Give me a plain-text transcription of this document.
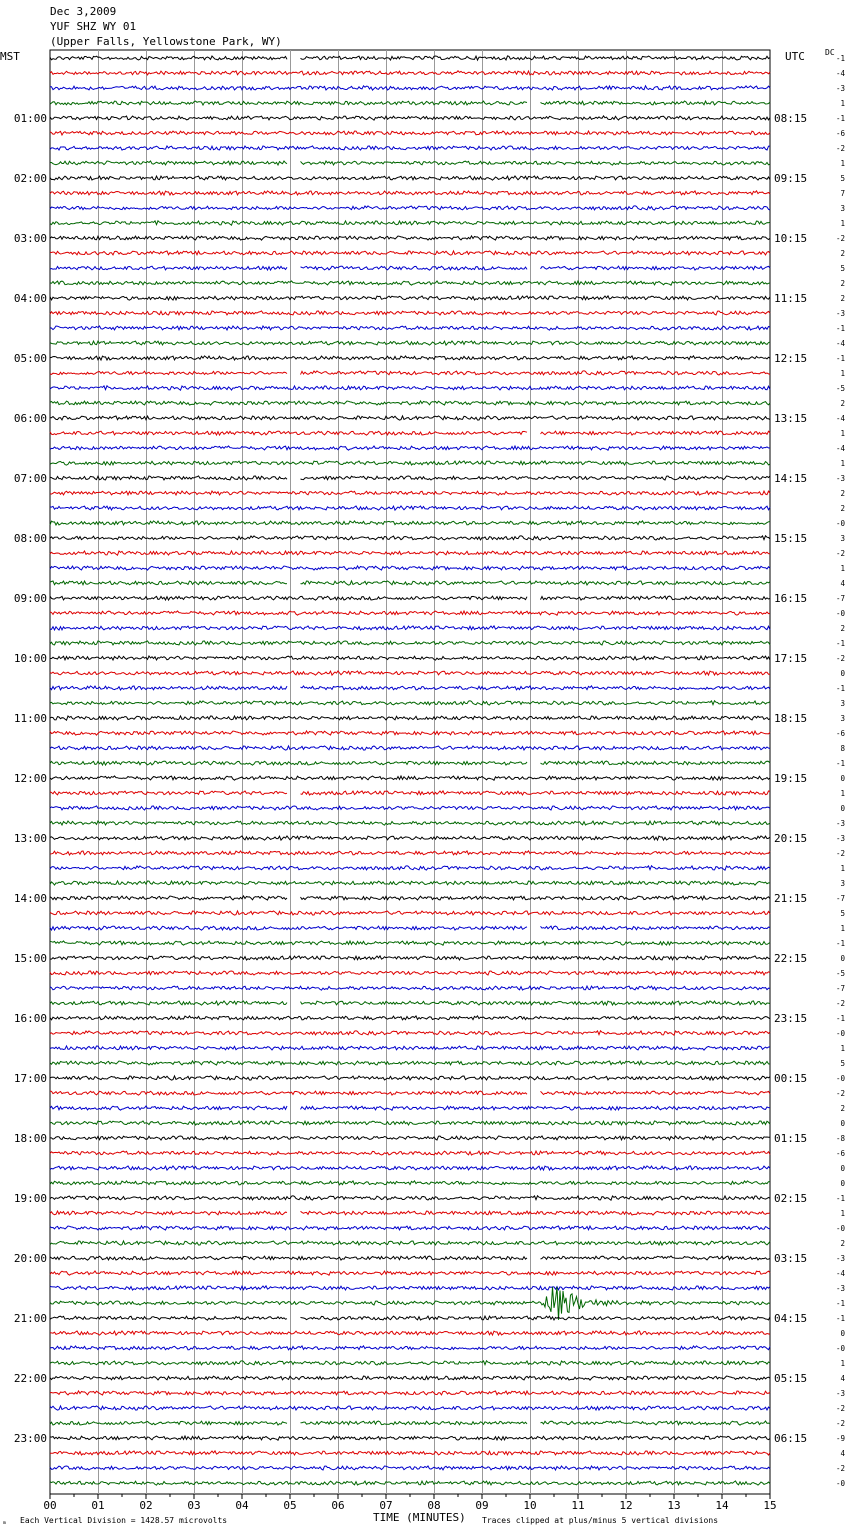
Dec 3,2009
YUF SHZ WY 01
(Upper Falls, Yellowstone Park, WY)
MST	UTC	DC
01:00
02:00
03:00
04:00
05:00
06:00
07:00
08:00
09:00
10:00
11:00
12:00
13:00
14:00
15:00
16:00
17:00
18:00
19:00
20:00
21:00
22:00
23:00
08:15
09:15
10:15
11:15
12:15
13:15
14:15
15:15
16:15
17:15
18:15
19:15
20:15
21:15
22:15
23:15
00:15
01:15
02:15
03:15
04:15
05:15
06:15
-1
-4
-3
1
-1
-6
-2
1
5
7
3
1
-2
2
5
2
2
-3
-1
-4
-1
1
-5
2
-4
1
-4
1
-3
2
2
-0
3
-2
1
4
-7
-0
2
-1
-2
0
-1
3
3
-6
8
-1
0
1
0
-3
-3
-2
1
3
-7
5
1
-1
0
-5
-7
-2
-1
-0
1
5
-0
-2
2
0
-8
-6
0
0
-1
1
-0
2
-3
-4
-3
-1
-1
0
-0
1
4
-3
-2
-2
-9
4
-2
-0
00	01	02	03	04	05	06	07	08	09	10	11	12	13	14	15
ₘ Each Vertical Division = 1428.57 microvolts	TIME (MINUTES) Traces clipped at plus/minus 5 vertical divisions
